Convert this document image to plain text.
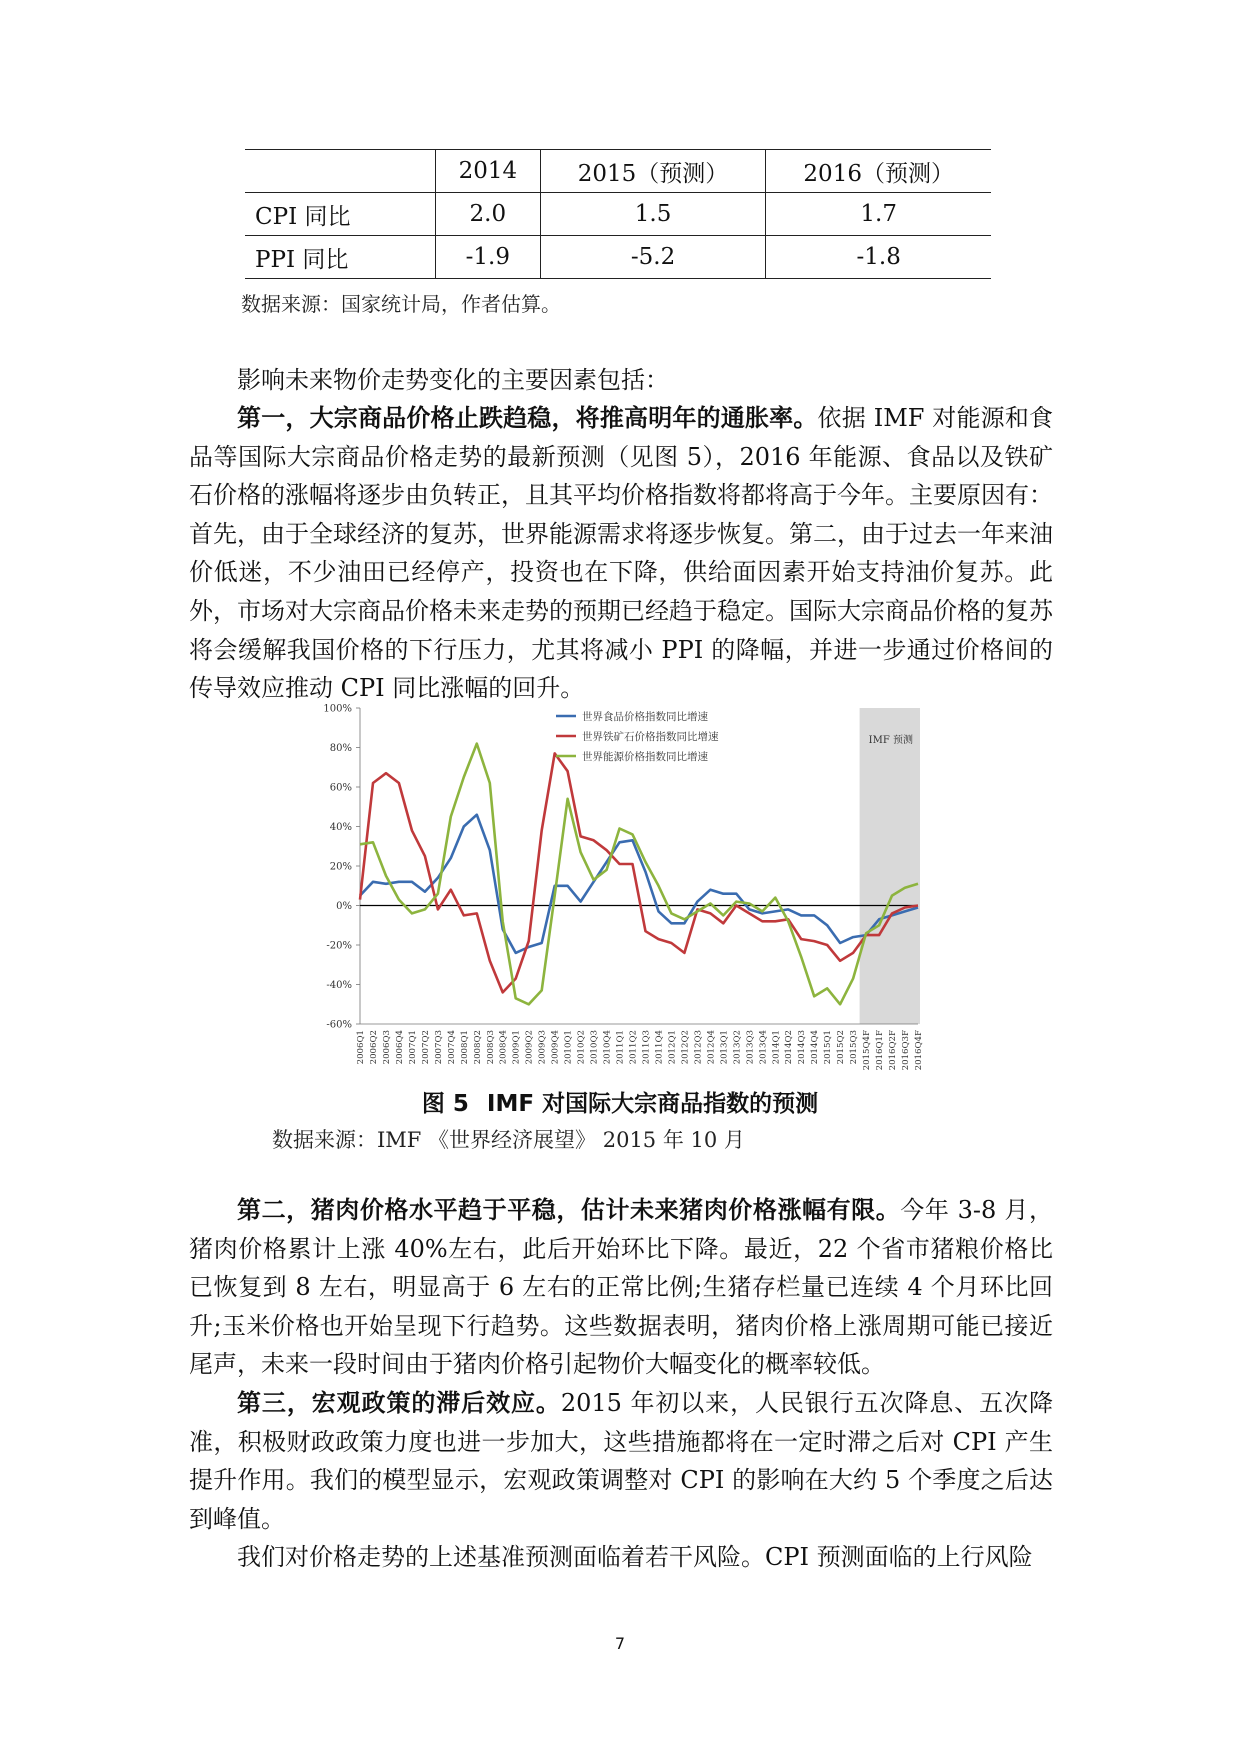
	2014	2015（预测）	2016（预测）
CPI 同比	2.0	1.5	1.7
PPI 同比	-1.9	-5.2	-1.8
数据来源：国家统计局，作者估算。
影响未来物价走势变化的主要因素包括：
第一，大宗商品价格止跌趋稳，将推高明年的通胀率。依据 IMF 对能源和食品等国际大宗商品价格走势的最新预测（见图 5），2016 年能源、食品以及铁矿石价格的涨幅将逐步由负转正，且其平均价格指数将都将高于今年。主要原因有：首先，由于全球经济的复苏，世界能源需求将逐步恢复。第二，由于过去一年来油价低迷，不少油田已经停产，投资也在下降，供给面因素开始支持油价复苏。此外，市场对大宗商品价格未来走势的预期已经趋于稳定。国际大宗商品价格的复苏将会缓解我国价格的下行压力，尤其将减小 PPI 的降幅，并进一步通过价格间的传导效应推动 CPI 同比涨幅的回升。
IMF 预测
100%
80%
60%
40%
20%
0%
-20%
-40%
-60%
2006Q1 2006Q2 2006Q3 2006Q4 2007Q1 2007Q2 2007Q3 2007Q4 2008Q1 2008Q2 2008Q3 2008Q4 2009Q1 2009Q2 2009Q3 2009Q4 2010Q1 2010Q2 2010Q3 2010Q4 2011Q1 2011Q2 2011Q3 2011Q4 2012Q1 2012Q2 2012Q3 2012Q4 2013Q1 2013Q2 2013Q3 2013Q4 2014Q1 2014Q2 2014Q3 2014Q4 2015Q1 2015Q2 2015Q3 2015Q4F 2016Q1F 2016Q2F 2016Q3F 2016Q4F
世界食品价格指数同比增速
世界铁矿石价格指数同比增速
世界能源价格指数同比增速
图 5 IMF 对国际大宗商品指数的预测
数据来源：IMF 《世界经济展望》 2015 年 10 月
第二，猪肉价格水平趋于平稳，估计未来猪肉价格涨幅有限。今年 3-8 月，猪肉价格累计上涨 40%左右，此后开始环比下降。最近，22 个省市猪粮价格比已恢复到 8 左右，明显高于 6 左右的正常比例;生猪存栏量已连续 4 个月环比回升;玉米价格也开始呈现下行趋势。这些数据表明，猪肉价格上涨周期可能已接近尾声，未来一段时间由于猪肉价格引起物价大幅变化的概率较低。
第三，宏观政策的滞后效应。2015 年初以来，人民银行五次降息、五次降准，积极财政政策力度也进一步加大，这些措施都将在一定时滞之后对 CPI 产生提升作用。我们的模型显示，宏观政策调整对 CPI 的影响在大约 5 个季度之后达到峰值。
我们对价格走势的上述基准预测面临着若干风险。CPI 预测面临的上行风险
7
